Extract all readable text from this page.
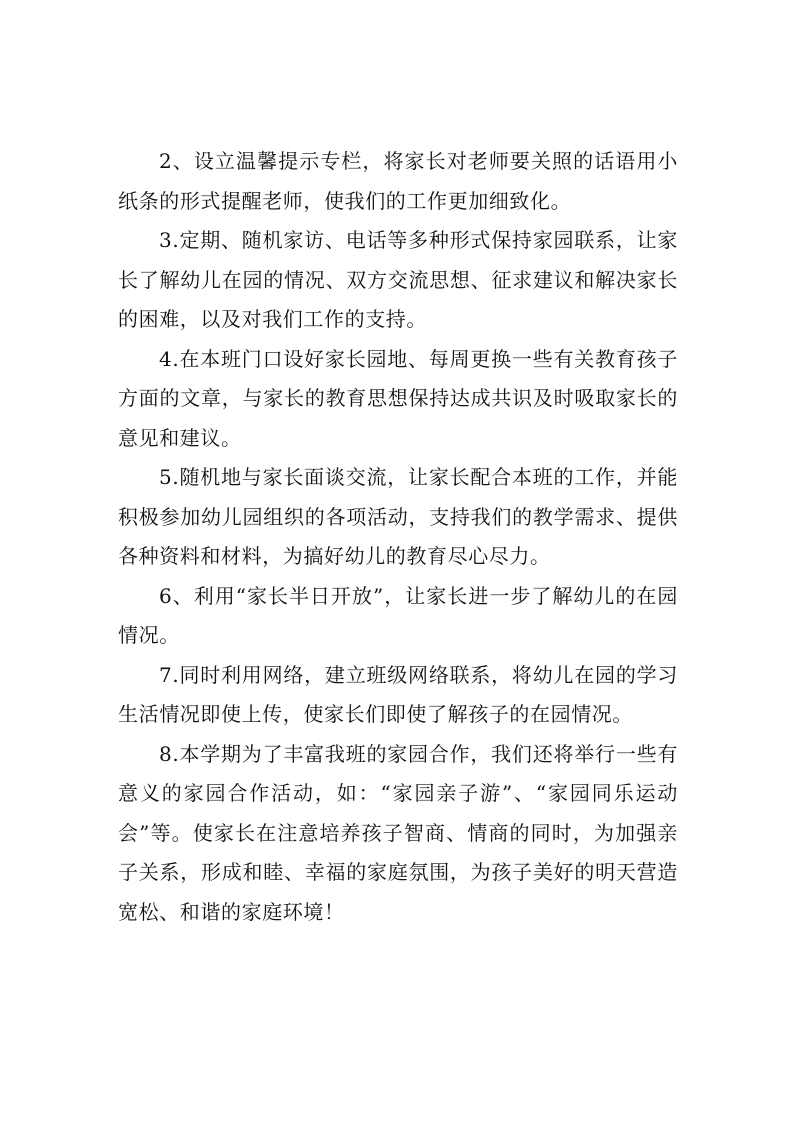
2、设立温馨提示专栏，将家长对老师要关照的话语用小纸条的形式提醒老师，使我们的工作更加细致化。

3.定期、随机家访、电话等多种形式保持家园联系，让家长了解幼儿在园的情况、双方交流思想、征求建议和解决家长的困难，以及对我们工作的支持。

4.在本班门口设好家长园地、每周更换一些有关教育孩子方面的文章，与家长的教育思想保持达成共识及时吸取家长的意见和建议。

5.随机地与家长面谈交流，让家长配合本班的工作，并能积极参加幼儿园组织的各项活动，支持我们的教学需求、提供各种资料和材料，为搞好幼儿的教育尽心尽力。

6、利用“家长半日开放”，让家长进一步了解幼儿的在园情况。

7.同时利用网络，建立班级网络联系，将幼儿在园的学习生活情况即使上传，使家长们即使了解孩子的在园情况。

8.本学期为了丰富我班的家园合作，我们还将举行一些有意义的家园合作活动，如：“家园亲子游”、“家园同乐运动会”等。使家长在注意培养孩子智商、情商的同时，为加强亲子关系，形成和睦、幸福的家庭氛围，为孩子美好的明天营造宽松、和谐的家庭环境！
